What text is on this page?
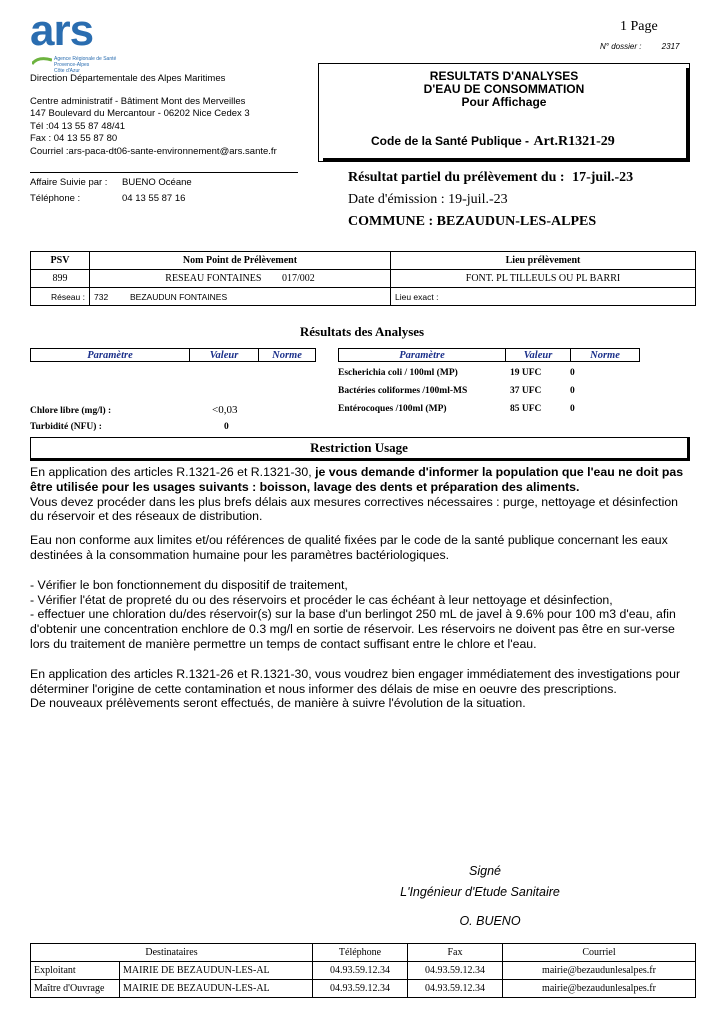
ars
Agence Régionale de Santé
Provence-Alpes
Côte d'Azur
1 Page
N° dossier :	2317
Direction Départementale des Alpes Maritimes
Centre administratif - Bâtiment Mont des Merveilles
147 Boulevard du Mercantour - 06202 Nice Cedex 3
Tél :04 13 55 87 48/41
Fax : 04 13 55 87 80
Courriel :ars-paca-dt06-sante-environnement@ars.sante.fr
RESULTATS D'ANALYSES
D'EAU DE CONSOMMATION
Pour Affichage
Code de la Santé Publique - Art.R1321-29
Affaire Suivie par : BUENO Océane
Téléphone :	04 13 55 87 16
Résultat partiel du prélèvement du : 17-juil.-23
Date d'émission : 19-juil.-23
COMMUNE : BEZAUDUN-LES-ALPES
PSV	Nom Point de Prélèvement		Lieu prélèvement
899	RESEAU FONTAINES 017/002		FONT. PL TILLEULS OU PL BARRI
Réseau :	732	BEZAUDUN FONTAINES	Lieu exact :
Résultats des Analyses
Paramètre	Valeur	Norme	Paramètre	Valeur	Norme
Escherichia coli / 100ml (MP)	19 UFC	0
Bactéries coliformes /100ml-MS	37 UFC	0
Entérocoques /100ml (MP)	85 UFC	0
Chlore libre (mg/l) :	<0,03
Turbidité (NFU) :	0
Restriction Usage

En application des articles R.1321-26 et R.1321-30, je vous demande d'informer la population que l'eau ne doit pas être utilisée pour les usages suivants : boisson, lavage des dents et préparation des aliments.

Vous devez procéder dans les plus brefs délais aux mesures correctives nécessaires : purge, nettoyage et désinfection du réservoir et des réseaux de distribution.

Eau non conforme aux limites et/ou références de qualité fixées par le code de la santé publique concernant les eaux destinées à la consommation humaine pour les paramètres bactériologiques.

- Vérifier le bon fonctionnement du dispositif de traitement,

- Vérifier l'état de propreté du ou des réservoirs et procéder le cas échéant à leur nettoyage et désinfection,

- effectuer une chloration du/des réservoir(s) sur la base d'un berlingot 250 mL de javel à 9.6% pour 100 m3 d'eau, afin d'obtenir une concentration enchlore de 0.3 mg/l en sortie de réservoir. Les réservoirs ne doivent pas être en sur-verse lors du traitement de manière permettre un temps de contact suffisant entre le chlore et l'eau.

En application des articles R.1321-26 et R.1321-30, vous voudrez bien engager immédiatement des investigations pour déterminer l'origine de cette contamination et nous informer des délais de mise en oeuvre des prescriptions.

De nouveaux prélèvements seront effectués, de manière à suivre l'évolution de la situation.

Signé
L'Ingénieur d'Etude Sanitaire
O. BUENO
Destinataires		Téléphone	Fax	Courriel
Exploitant	MAIRIE DE BEZAUDUN-LES-AL	04.93.59.12.34	04.93.59.12.34	mairie@bezaudunlesalpes.fr
Maître d'Ouvrage	MAIRIE DE BEZAUDUN-LES-AL	04.93.59.12.34	04.93.59.12.34	mairie@bezaudunlesalpes.fr
